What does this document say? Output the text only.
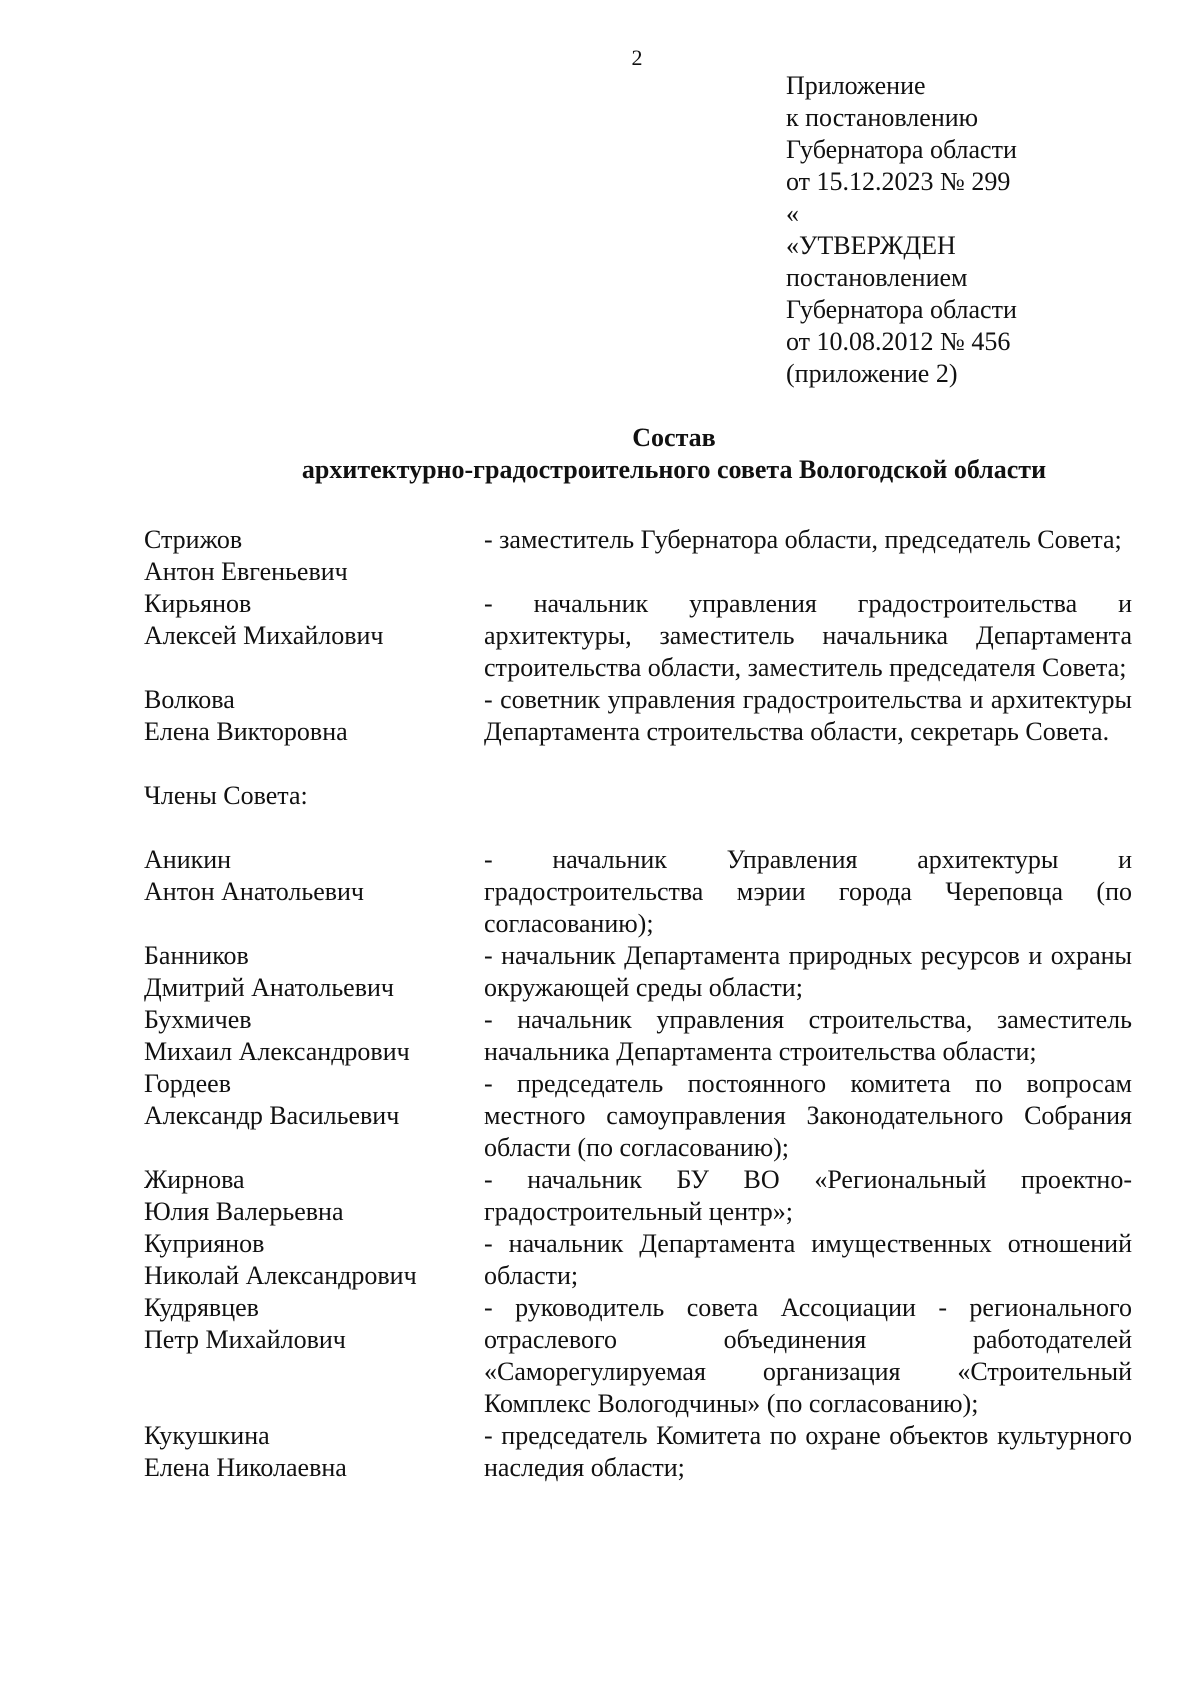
2
Приложение
к постановлению
Губернатора области
от 15.12.2023 № 299
«
«УТВЕРЖДЕН
постановлением
Губернатора области
от 10.08.2012 № 456
(приложение 2)
Состав
архитектурно-градостроительного совета Вологодской области
Стрижов
Антон Евгеньевич
- заместитель Губернатора области, председатель Совета;
Кирьянов
Алексей Михайлович
- начальник управления градостроительства и архитектуры, заместитель начальника Департамента строительства области, заместитель председателя Совета;
Волкова
Елена Викторовна
- советник управления градостроительства и архитектуры Департамента строительства области, секретарь Совета.
Члены Совета:
Аникин
Антон Анатольевич
- начальник Управления архитектуры и градостроительства мэрии города Череповца (по согласованию);
Банников
Дмитрий Анатольевич
- начальник Департамента природных ресурсов и охраны окружающей среды области;
Бухмичев
Михаил Александрович
- начальник управления строительства, заместитель начальника Департамента строительства области;
Гордеев
Александр Васильевич
- председатель постоянного комитета по вопросам местного самоуправления Законодательного Собрания области (по согласованию);
Жирнова
Юлия Валерьевна
- начальник БУ ВО «Региональный проектно-градостроительный центр»;
Куприянов
Николай Александрович
- начальник Департамента имущественных отношений области;
Кудрявцев
Петр Михайлович
- руководитель совета Ассоциации - регионального отраслевого объединения работодателей «Саморегулируемая организация «Строительный Комплекс Вологодчины» (по согласованию);
Кукушкина
Елена Николаевна
- председатель Комитета по охране объектов культурного наследия области;
